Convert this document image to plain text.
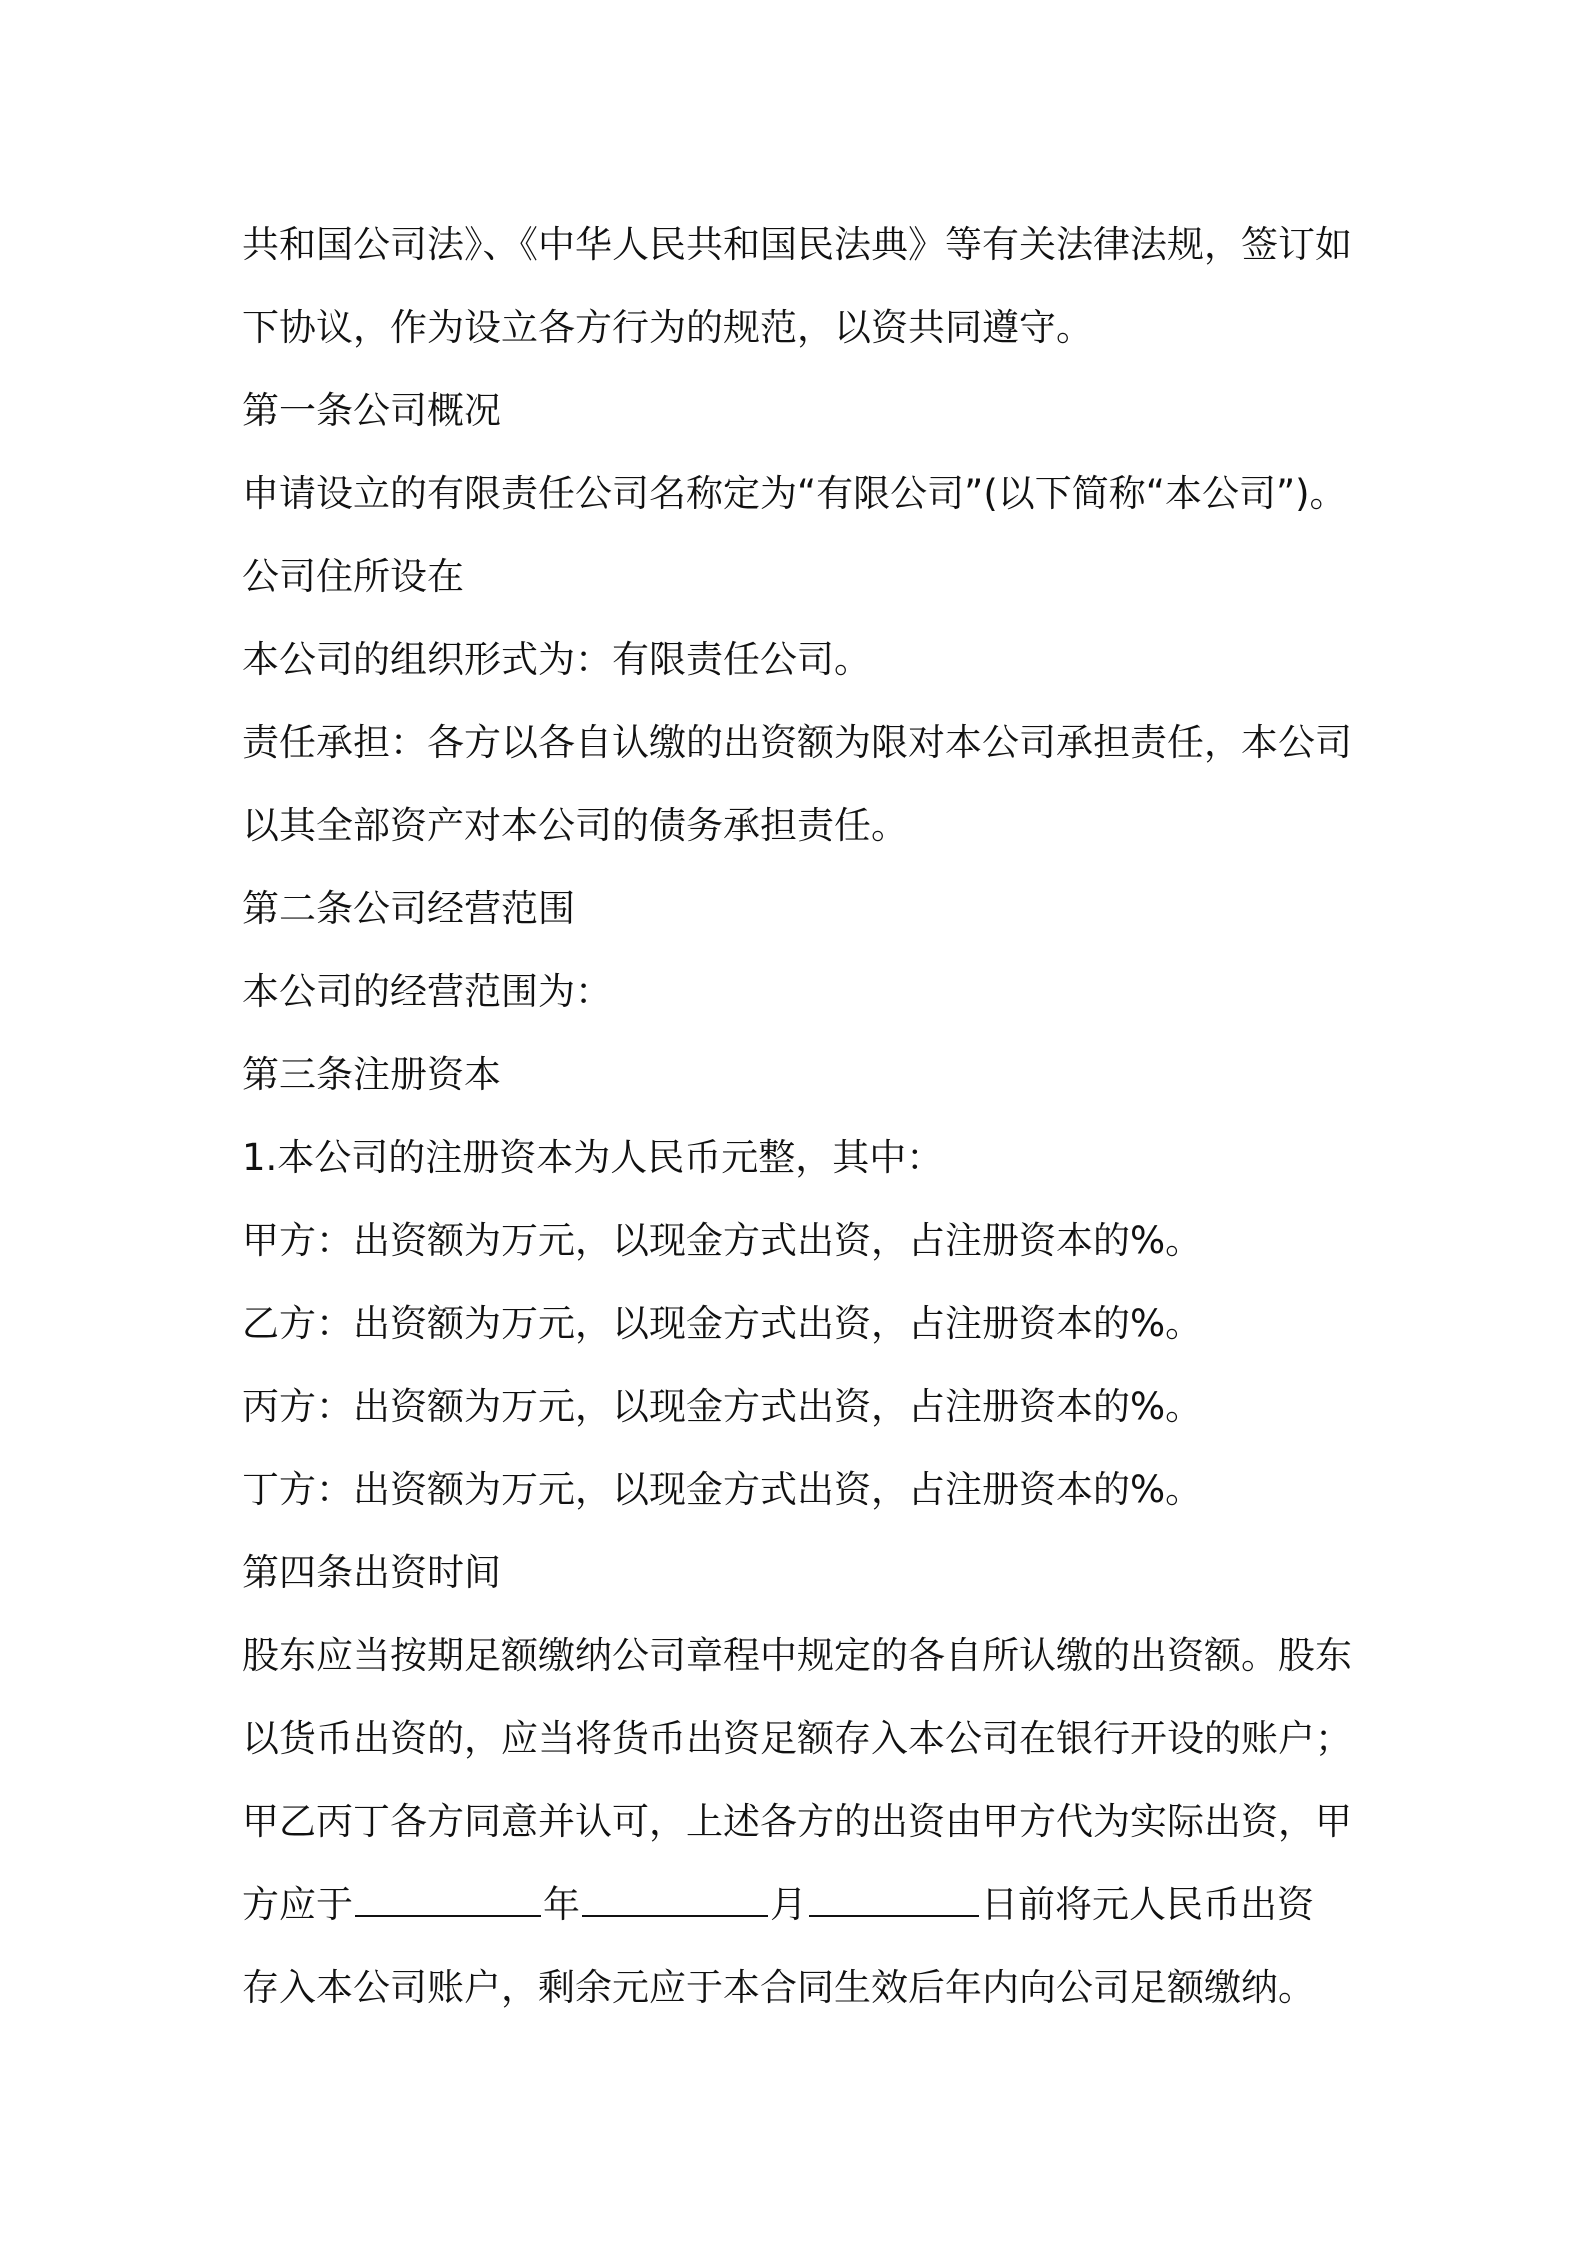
共和国公司法》、《中华人民共和国民法典》等有关法律法规，签订如
下协议，作为设立各方行为的规范，以资共同遵守。
第一条公司概况
申请设立的有限责任公司名称定为“有限公司”(以下简称“本公司”)。
公司住所设在
本公司的组织形式为：有限责任公司。
责任承担：各方以各自认缴的出资额为限对本公司承担责任，本公司
以其全部资产对本公司的债务承担责任。
第二条公司经营范围
本公司的经营范围为：
第三条注册资本
1.本公司的注册资本为人民币元整，其中：
甲方：出资额为万元，以现金方式出资，占注册资本的%。
乙方：出资额为万元，以现金方式出资，占注册资本的%。
丙方：出资额为万元，以现金方式出资，占注册资本的%。
丁方：出资额为万元，以现金方式出资，占注册资本的%。
第四条出资时间
股东应当按期足额缴纳公司章程中规定的各自所认缴的出资额。股东
以货币出资的，应当将货币出资足额存入本公司在银行开设的账户；
甲乙丙丁各方同意并认可，上述各方的出资由甲方代为实际出资，甲
方应于	年	月	日前将元人民币出资
存入本公司账户，剩余元应于本合同生效后年内向公司足额缴纳。
